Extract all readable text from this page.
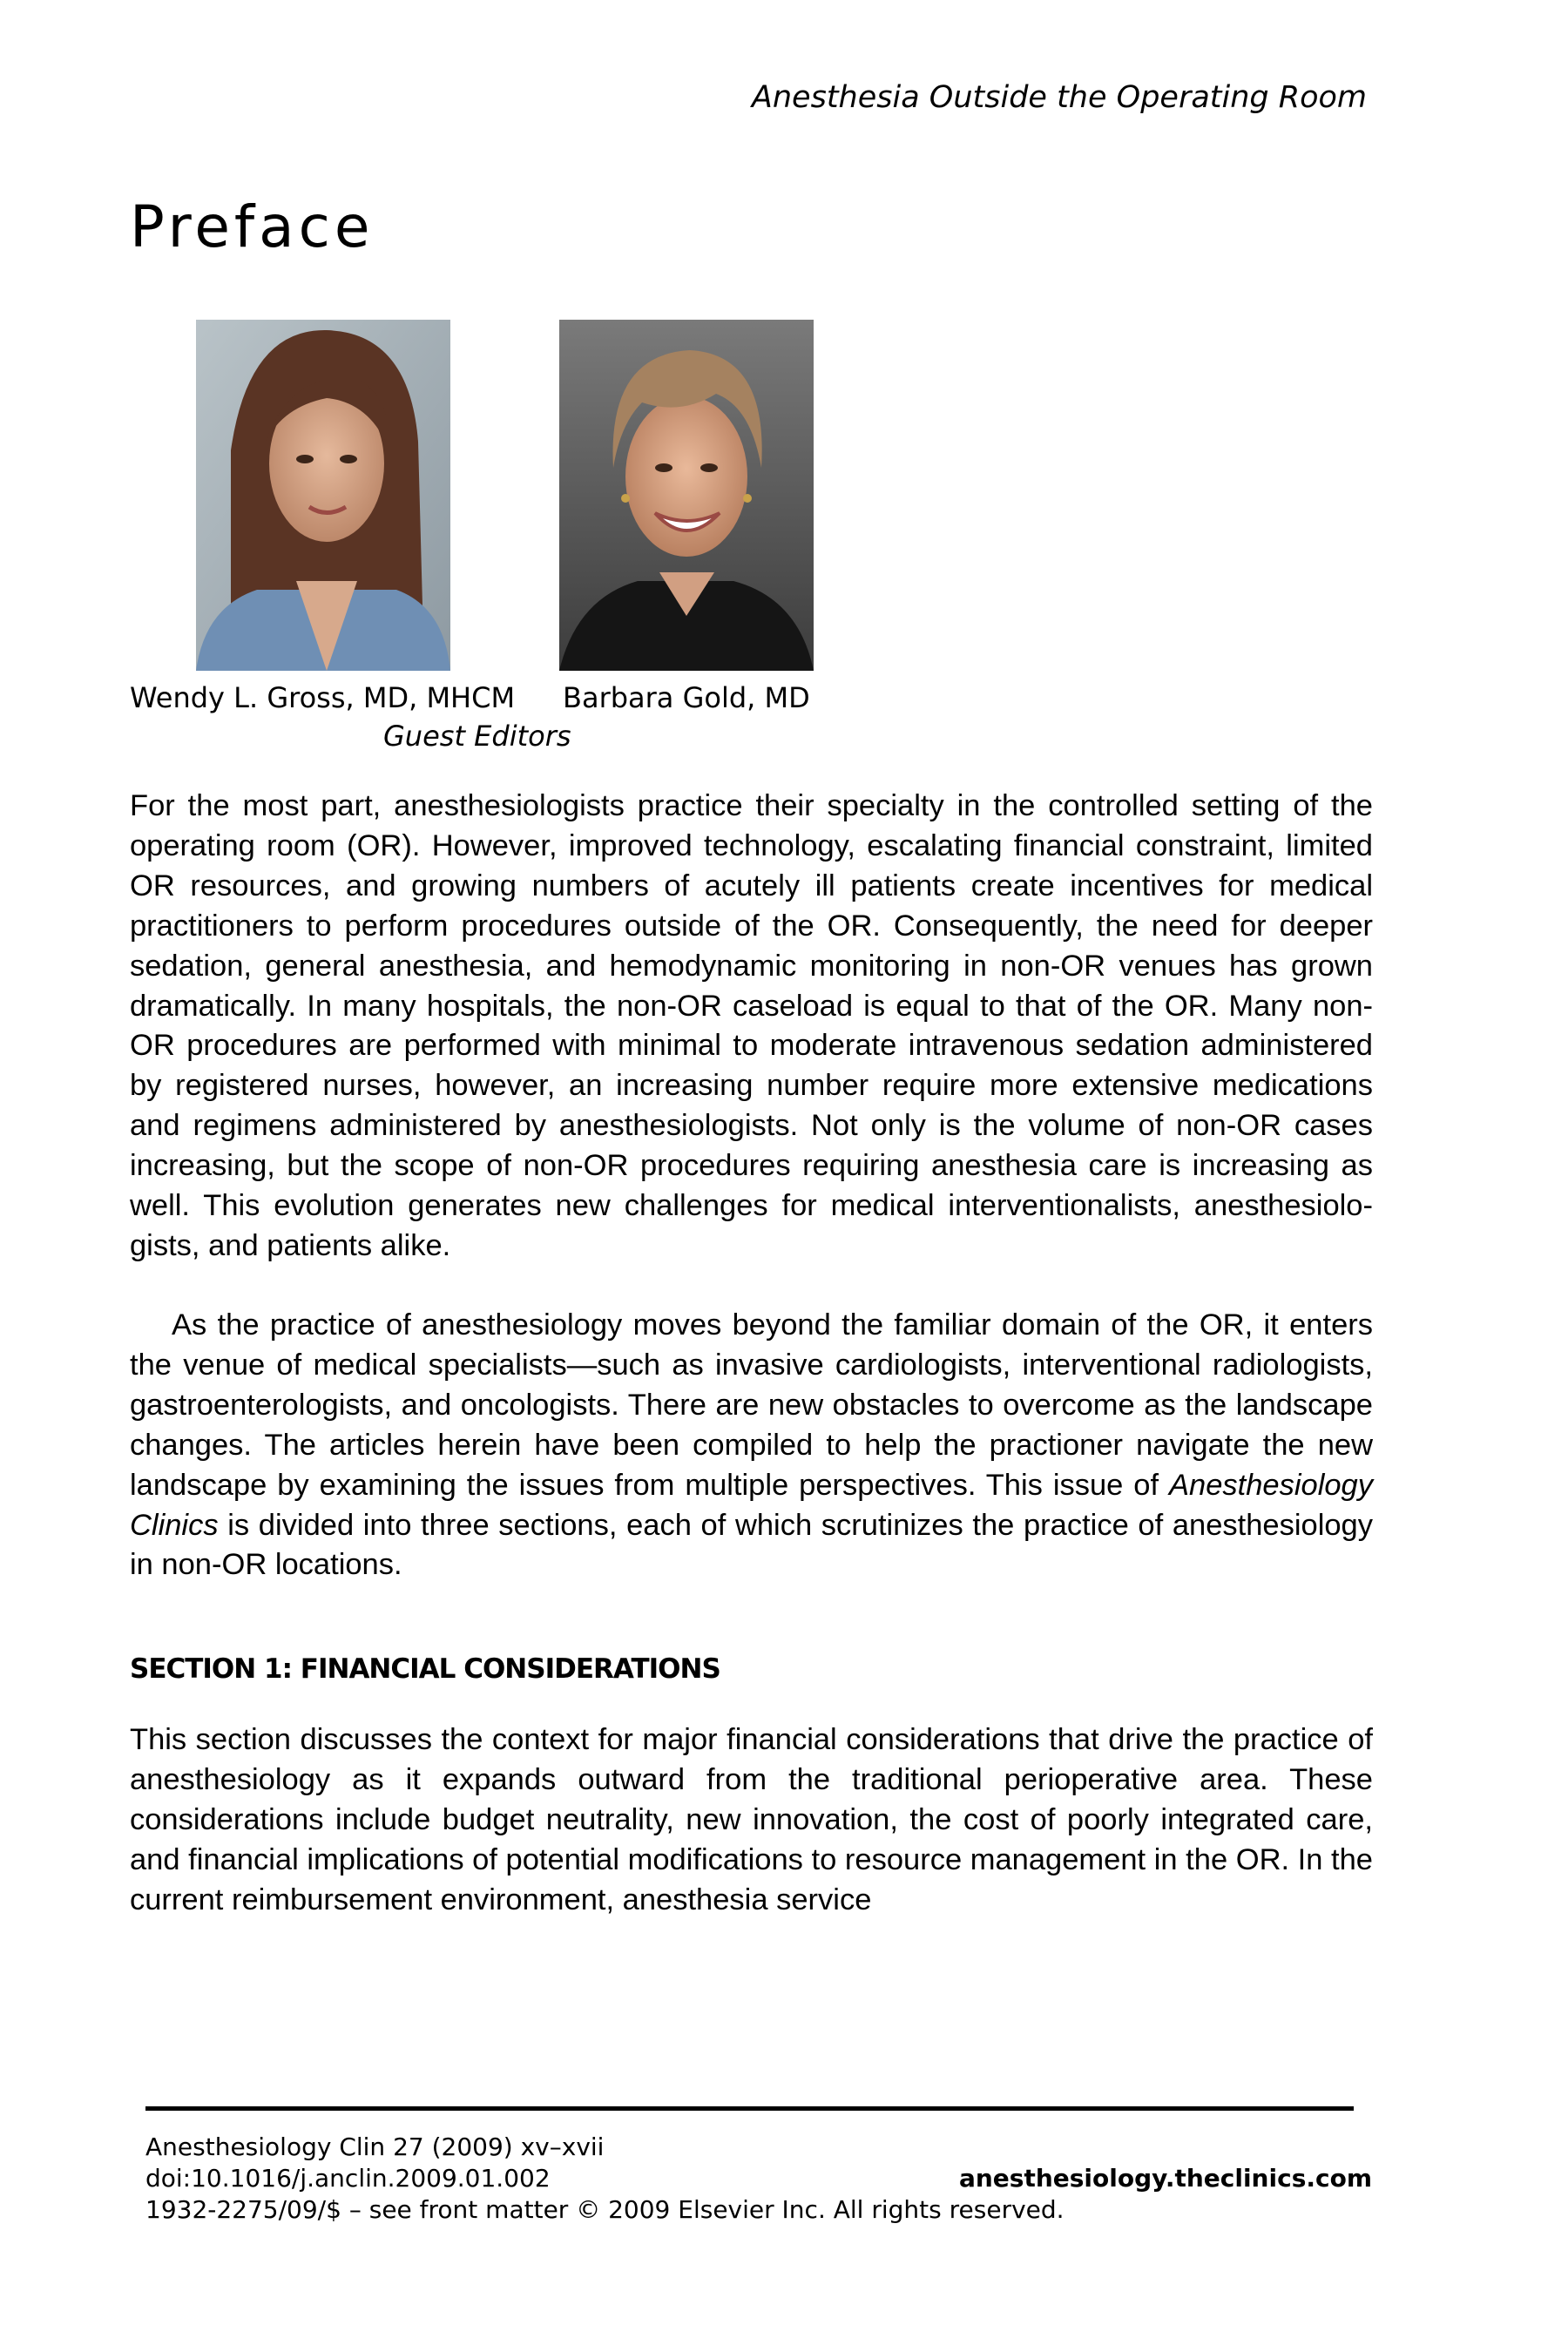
Anesthesia Outside the Operating Room
Preface
Wendy L. Gross, MD, MHCM Barbara Gold, MD
Guest Editors

For the most part, anesthesiologists practice their specialty in the controlled setting of the operating room (OR). However, improved technology, escalating financial constraint, limited OR resources, and growing numbers of acutely ill patients create incentives for medical practitioners to perform procedures outside of the OR. Consequently, the need for deeper sedation, general anesthesia, and hemodynamic monitoring in non-OR venues has grown dramatically. In many hospitals, the non-OR caseload is equal to that of the OR. Many non-OR procedures are performed with minimal to moderate intravenous sedation administered by registered nurses, however, an increasing number require more extensive medications and regimens administered by anesthesiologists. Not only is the volume of non-OR cases increasing, but the scope of non-OR procedures requiring anesthesia care is increasing as well. This evolution generates new challenges for medical interventionalists, anesthesiologists, and patients alike.

As the practice of anesthesiology moves beyond the familiar domain of the OR, it enters the venue of medical specialists—such as invasive cardiologists, interventional radiologists, gastroenterologists, and oncologists. There are new obstacles to overcome as the landscape changes. The articles herein have been compiled to help the practioner navigate the new landscape by examining the issues from multiple perspectives. This issue of Anesthesiology Clinics is divided into three sections, each of which scrutinizes the practice of anesthesiology in non-OR locations.

SECTION 1: FINANCIAL CONSIDERATIONS

This section discusses the context for major financial considerations that drive the practice of anesthesiology as it expands outward from the traditional perioperative area. These considerations include budget neutrality, new innovation, the cost of poorly integrated care, and financial implications of potential modifications to resource management in the OR. In the current reimbursement environment, anesthesia service

Anesthesiology Clin 27 (2009) xv–xvii
doi:10.1016/j.anclin.2009.01.002	anesthesiology.theclinics.com
1932-2275/09/$ – see front matter © 2009 Elsevier Inc. All rights reserved.
